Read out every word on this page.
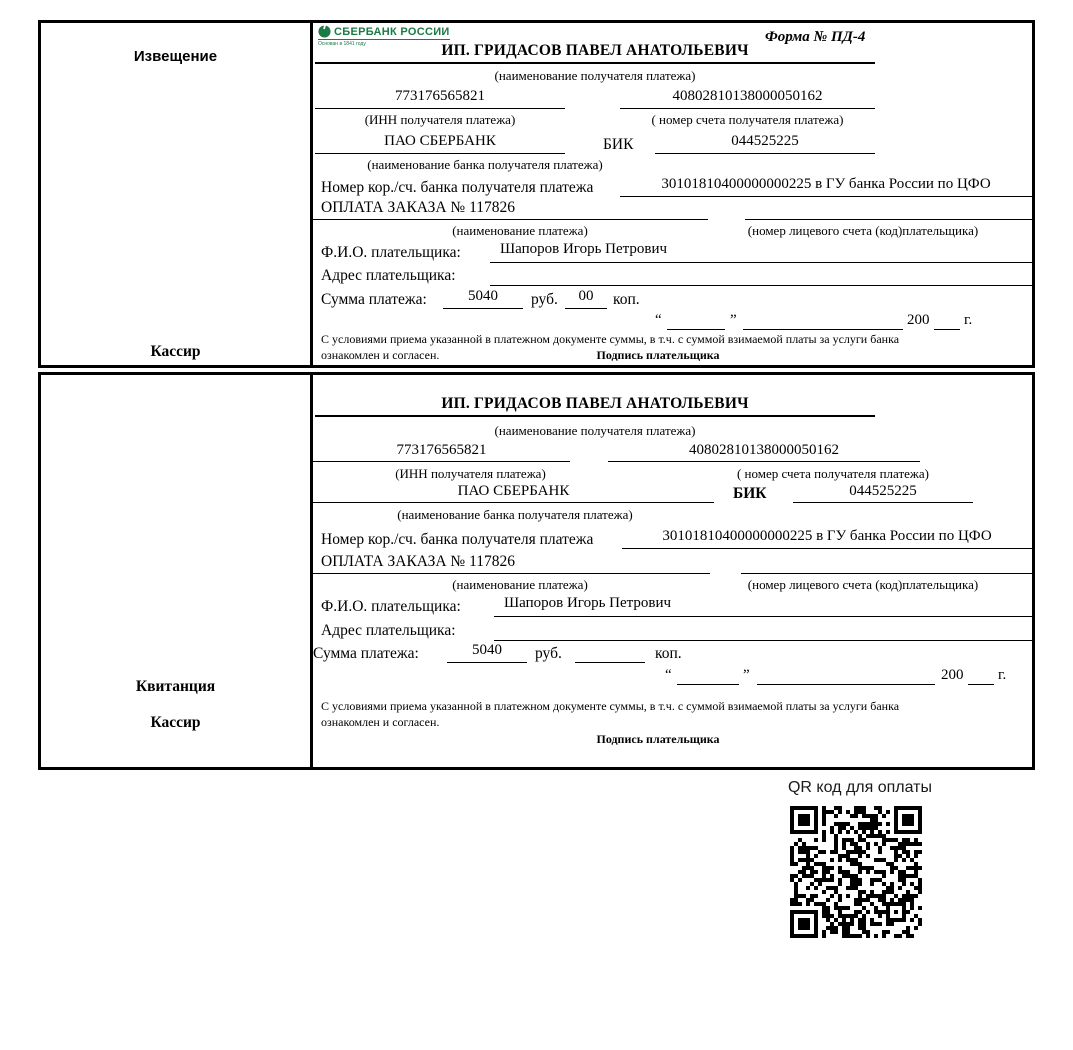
Извещение
Кассир
СБЕРБАНК РОССИИ
Основан в 1841 году	Форма № ПД-4
ИП. ГРИДАСОВ ПАВЕЛ АНАТОЛЬЕВИЧ
(наименование получателя платежа)
773176565821	40802810138000050162
(ИНН получателя платежа)	( номер счета получателя платежа)
ПАО СБЕРБАНК	БИК	044525225
(наименование банка получателя платежа)
Номер кор./сч. банка получателя платежа	30101810400000000225 в ГУ банка России по ЦФО
ОПЛАТА ЗАКАЗА № 117826
(наименование платежа)	(номер лицевого счета (код)плательщика)
Ф.И.О. плательщика:	Шапоров Игорь Петрович
Адрес плательщика:
Сумма платежа:	5040	руб.	00	коп.
“	”	200 г.
С условиями приема указанной в платежном документе суммы, в т.ч. с суммой взимаемой платы за услуги банка
ознакомлен и согласен.	Подпись плательщика
Квитанция
Кассир
ИП. ГРИДАСОВ ПАВЕЛ АНАТОЛЬЕВИЧ
(наименование получателя платежа)
773176565821	40802810138000050162
(ИНН получателя платежа)	( номер счета получателя платежа)
ПАО СБЕРБАНК	БИК	044525225
(наименование банка получателя платежа)
Номер кор./сч. банка получателя платежа	30101810400000000225 в ГУ банка России по ЦФО
ОПЛАТА ЗАКАЗА № 117826
(наименование платежа)	(номер лицевого счета (код)плательщика)
Ф.И.О. плательщика:	Шапоров Игорь Петрович
Адрес плательщика:
Сумма платежа:	5040	руб.	коп.
“	”	200 г.
С условиями приема указанной в платежном документе суммы, в т.ч. с суммой взимаемой платы за услуги банка
ознакомлен и согласен.
Подпись плательщика
QR код для оплаты
